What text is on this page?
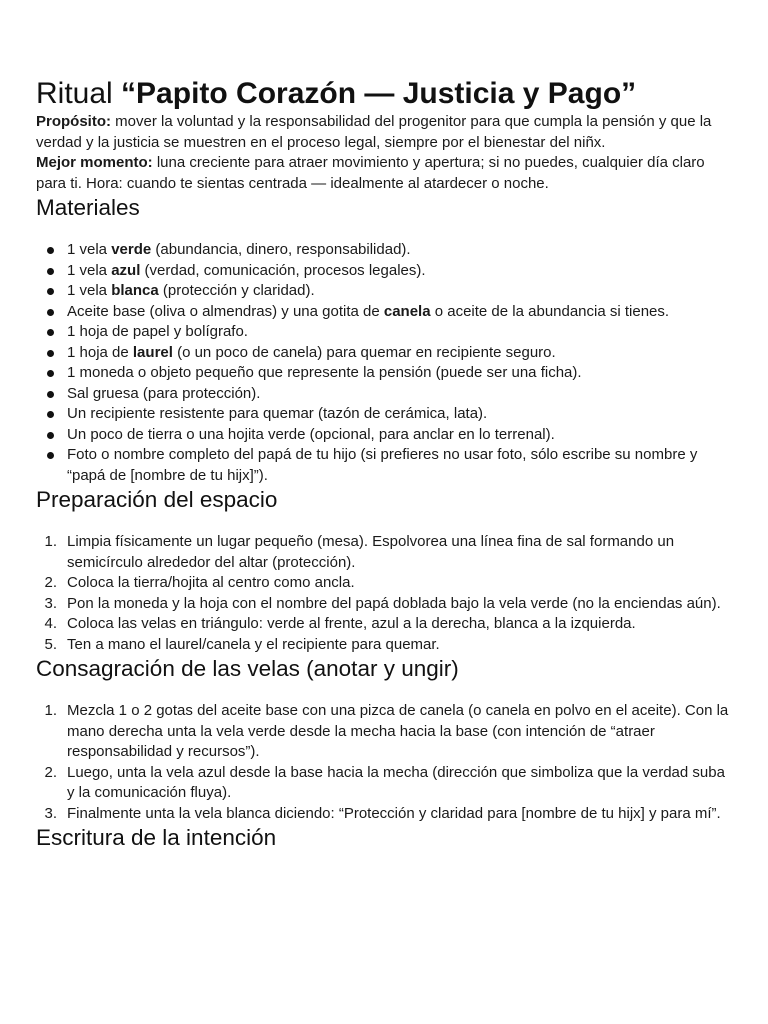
Ritual “Papito Corazón — Justicia y Pago”

Propósito: mover la voluntad y la responsabilidad del progenitor para que cumpla la pensión y que la verdad y la justicia se muestren en el proceso legal, siempre por el bienestar del niñx.

Mejor momento: luna creciente para atraer movimiento y apertura; si no puedes, cualquier día claro para ti. Hora: cuando te sientas centrada — idealmente al atardecer o noche.

Materiales
1 vela verde (abundancia, dinero, responsabilidad).
1 vela azul (verdad, comunicación, procesos legales).
1 vela blanca (protección y claridad).
Aceite base (oliva o almendras) y una gotita de canela o aceite de la abundancia si tienes.
1 hoja de papel y bolígrafo.
1 hoja de laurel (o un poco de canela) para quemar en recipiente seguro.
1 moneda o objeto pequeño que represente la pensión (puede ser una ficha).
Sal gruesa (para protección).
Un recipiente resistente para quemar (tazón de cerámica, lata).
Un poco de tierra o una hojita verde (opcional, para anclar en lo terrenal).
Foto o nombre completo del papá de tu hijo (si prefieres no usar foto, sólo escribe su nombre y “papá de [nombre de tu hijx]”).
Preparación del espacio
1. Limpia físicamente un lugar pequeño (mesa). Espolvorea una línea fina de sal formando un semicírculo alrededor del altar (protección).
2. Coloca la tierra/hojita al centro como ancla.
3. Pon la moneda y la hoja con el nombre del papá doblada bajo la vela verde (no la enciendas aún).
4. Coloca las velas en triángulo: verde al frente, azul a la derecha, blanca a la izquierda.
5. Ten a mano el laurel/canela y el recipiente para quemar.
Consagración de las velas (anotar y ungir)
1. Mezcla 1 o 2 gotas del aceite base con una pizca de canela (o canela en polvo en el aceite). Con la mano derecha unta la vela verde desde la mecha hacia la base (con intención de “atraer responsabilidad y recursos”).
2. Luego, unta la vela azul desde la base hacia la mecha (dirección que simboliza que la verdad suba y la comunicación fluya).
3. Finalmente unta la vela blanca diciendo: “Protección y claridad para [nombre de tu hijx] y para mí”.
Escritura de la intención
